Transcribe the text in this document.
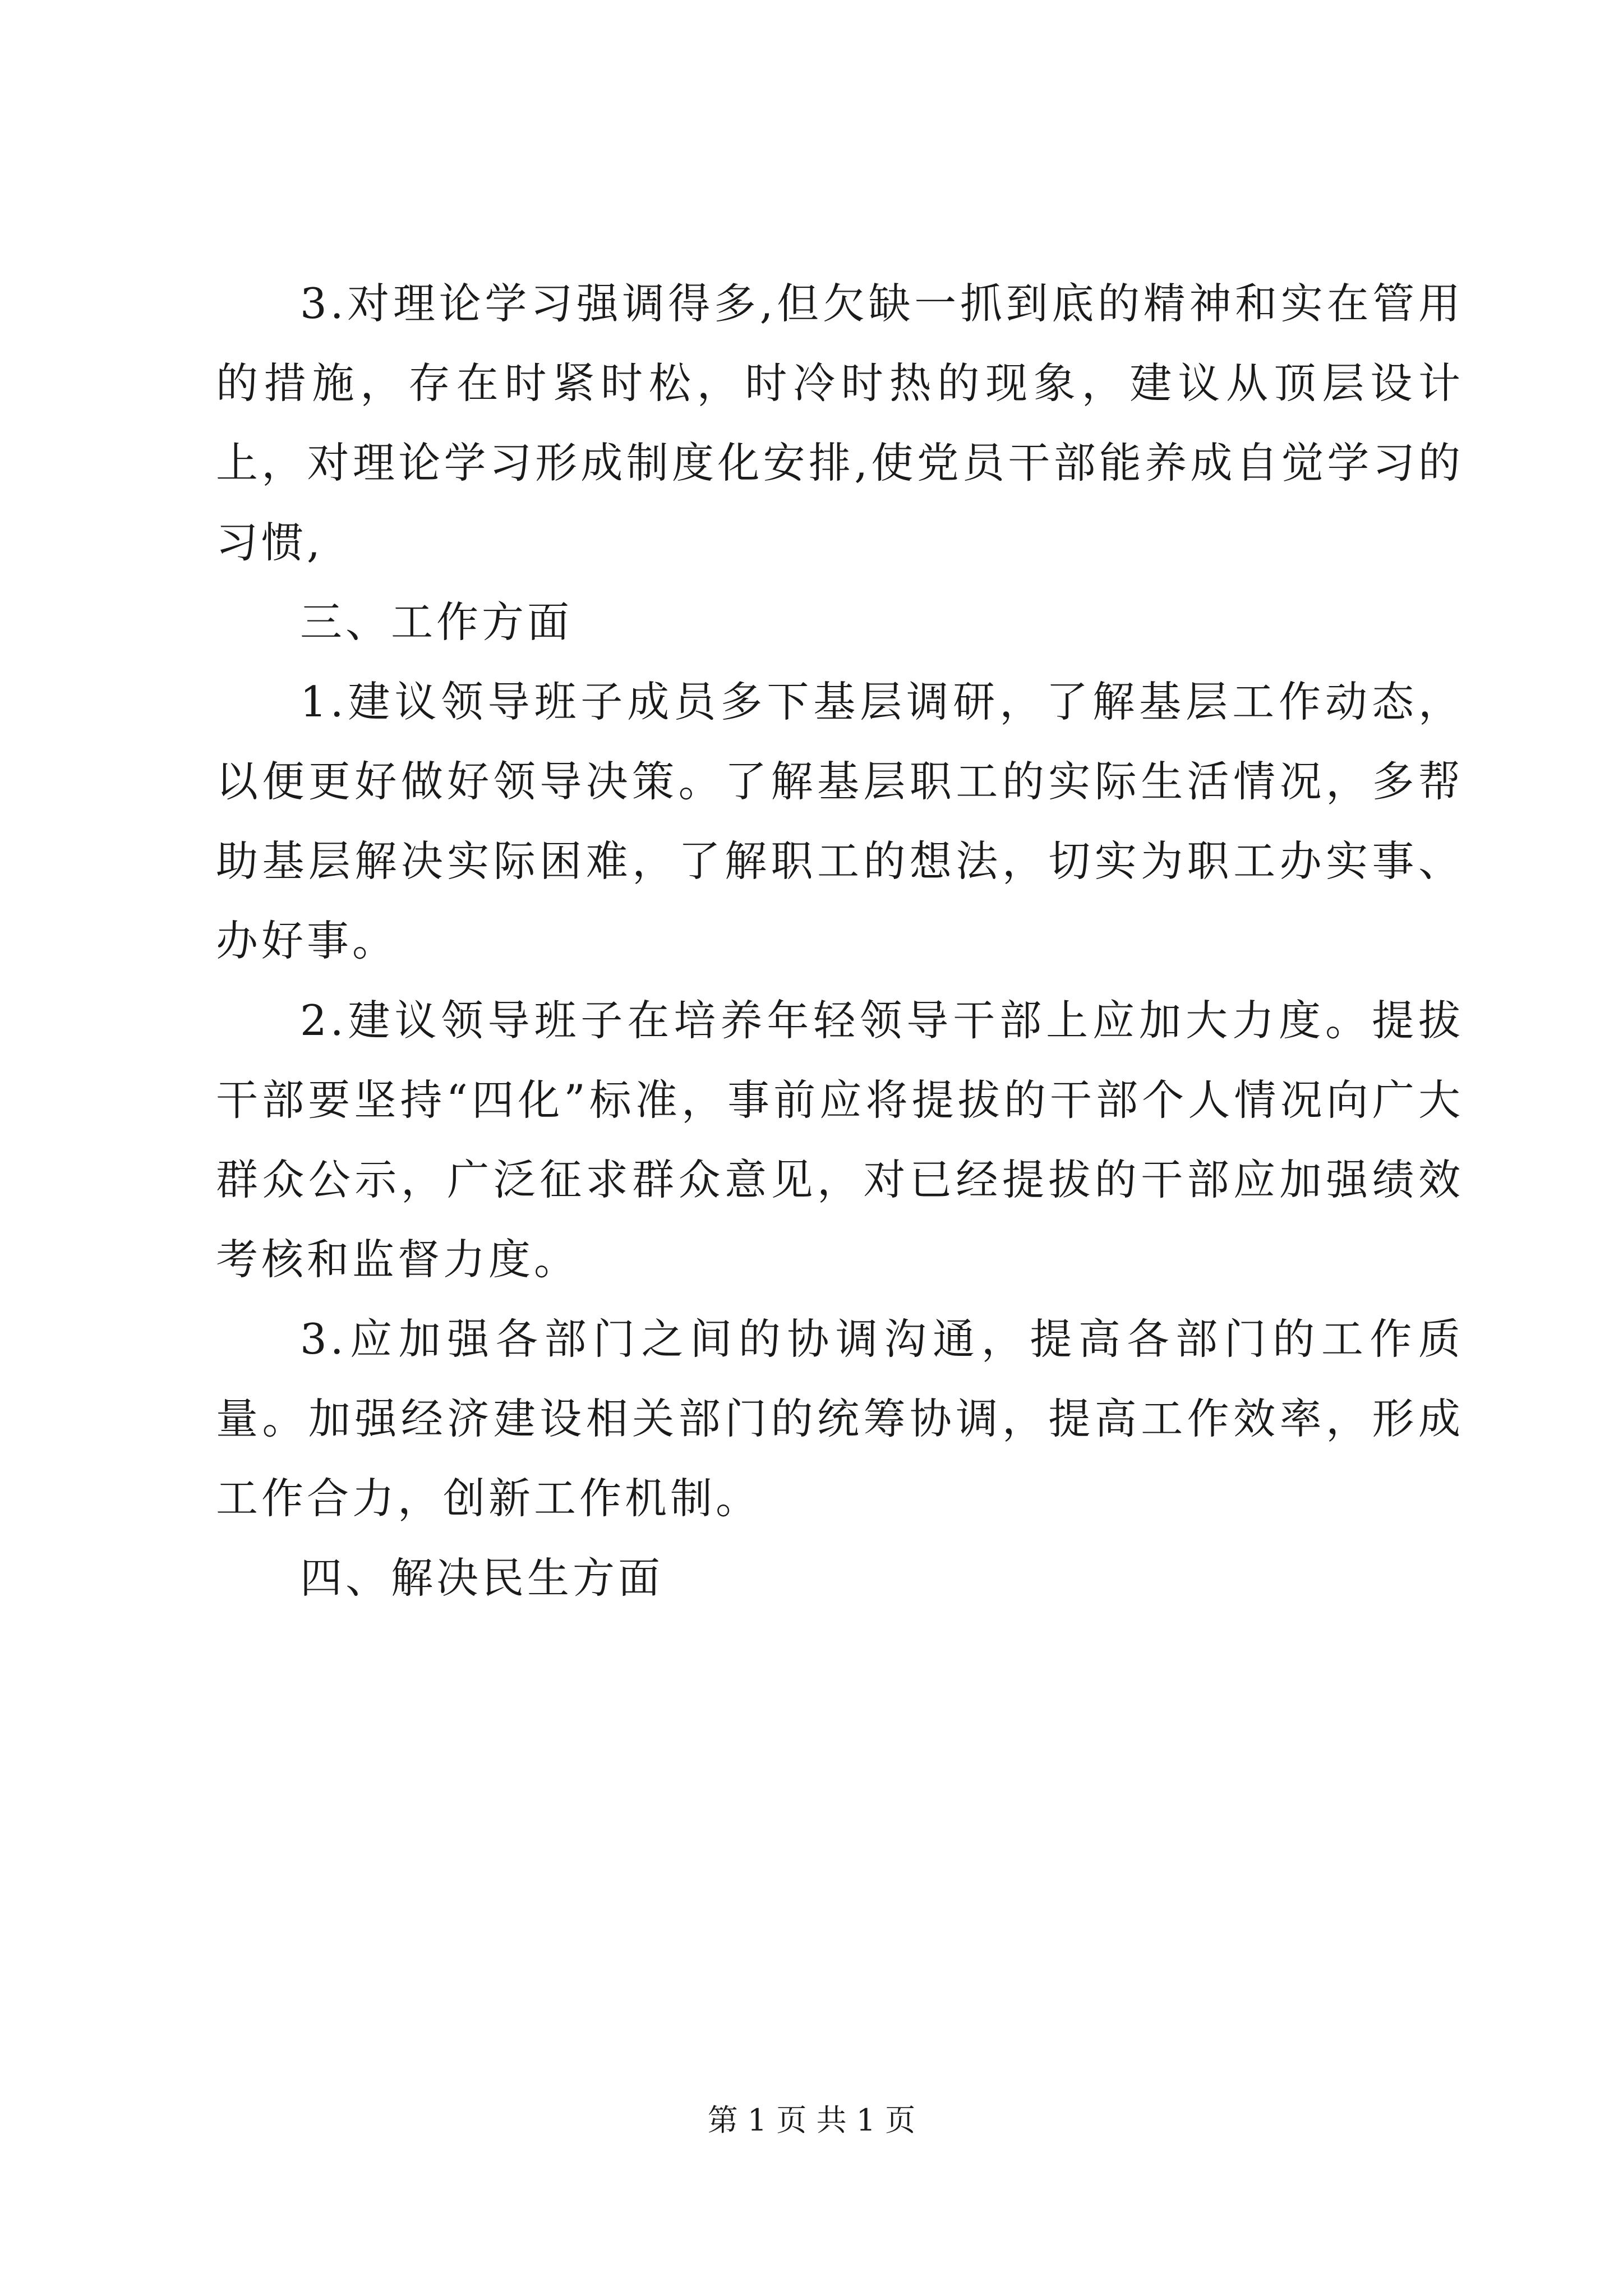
3.对理论学习强调得多,但欠缺一抓到底的精神和实在管用的措施，存在时紧时松，时冷时热的现象，建议从顶层设计上，对理论学习形成制度化安排,使党员干部能养成自觉学习的习惯,

三、工作方面

1.建议领导班子成员多下基层调研，了解基层工作动态，以便更好做好领导决策。了解基层职工的实际生活情况，多帮助基层解决实际困难，了解职工的想法，切实为职工办实事、办好事。

2.建议领导班子在培养年轻领导干部上应加大力度。提拔干部要坚持“四化”标准，事前应将提拔的干部个人情况向广大群众公示，广泛征求群众意见，对已经提拔的干部应加强绩效考核和监督力度。

3.应加强各部门之间的协调沟通，提高各部门的工作质量。加强经济建设相关部门的统筹协调，提高工作效率，形成工作合力，创新工作机制。

四、解决民生方面

第 1 页 共 1 页
